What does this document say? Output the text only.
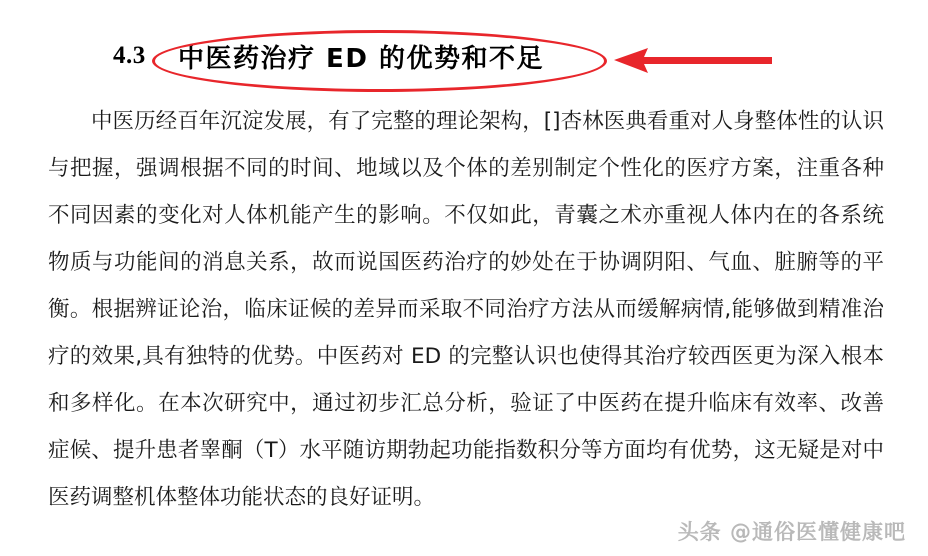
4.3 中医药治疗 ED 的优势和不足

中医历经百年沉淀发展，有了完整的理论架构，[]杏林医典看重对人身整体性的认识与把握，强调根据不同的时间、地域以及个体的差别制定个性化的医疗方案，注重各种不同因素的变化对人体机能产生的影响。不仅如此，青囊之术亦重视人体内在的各系统物质与功能间的消息关系，故而说国医药治疗的妙处在于协调阴阳、气血、脏腑等的平衡。根据辨证论治，临床证候的差异而采取不同治疗方法从而缓解病情,能够做到精准治疗的效果,具有独特的优势。中医药对 ED 的完整认识也使得其治疗较西医更为深入根本和多样化。在本次研究中，通过初步汇总分析，验证了中医药在提升临床有效率、改善症候、提升患者睾酮（T）水平随访期勃起功能指数积分等方面均有优势，这无疑是对中医药调整机体整体功能状态的良好证明。

头条 @通俗医懂健康吧
